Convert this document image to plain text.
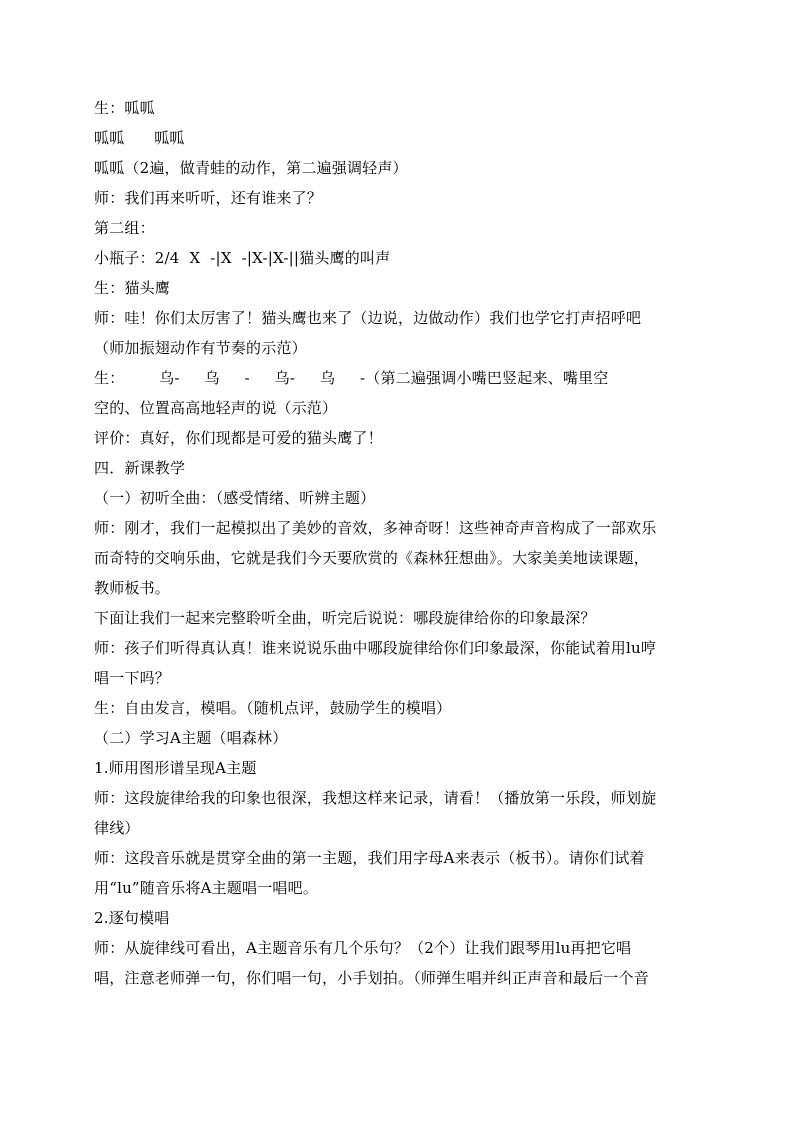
生：呱呱
呱呱      呱呱
呱呱（2遍，做青蛙的动作，第二遍强调轻声）
师：我们再来听听，还有谁来了？
第二组：
小瓶子：2/4  X  -|X  -|X-|X-||猫头鹰的叫声
生：猫头鹰
师：哇！你们太厉害了！猫头鹰也来了（边说，边做动作）我们也学它打声招呼吧
（师加振翅动作有节奏的示范）
生：       乌-     乌     -     乌-     乌     -（第二遍强调小嘴巴竖起来、嘴里空
空的、位置高高地轻声的说（示范）
评价：真好，你们现都是可爱的猫头鹰了！
四．新课教学
（一）初听全曲：（感受情绪、听辨主题）
师：刚才，我们一起模拟出了美妙的音效，多神奇呀！这些神奇声音构成了一部欢乐
而奇特的交响乐曲，它就是我们今天要欣赏的《森林狂想曲》。大家美美地读课题，
教师板书。
下面让我们一起来完整聆听全曲，听完后说说：哪段旋律给你的印象最深？
师：孩子们听得真认真！谁来说说乐曲中哪段旋律给你们印象最深，你能试着用lu哼
唱一下吗？
生：自由发言，模唱。（随机点评，鼓励学生的模唱）
（二）学习A主题（唱森林）
1.师用图形谱呈现A主题
师：这段旋律给我的印象也很深，我想这样来记录，请看！（播放第一乐段，师划旋
律线）
师：这段音乐就是贯穿全曲的第一主题，我们用字母A来表示（板书）。请你们试着
用“lu”随音乐将A主题唱一唱吧。
2.逐句模唱
师：从旋律线可看出，A主题音乐有几个乐句？（2个）让我们跟琴用lu再把它唱
唱，注意老师弹一句，你们唱一句，小手划拍。（师弹生唱并纠正声音和最后一个音
